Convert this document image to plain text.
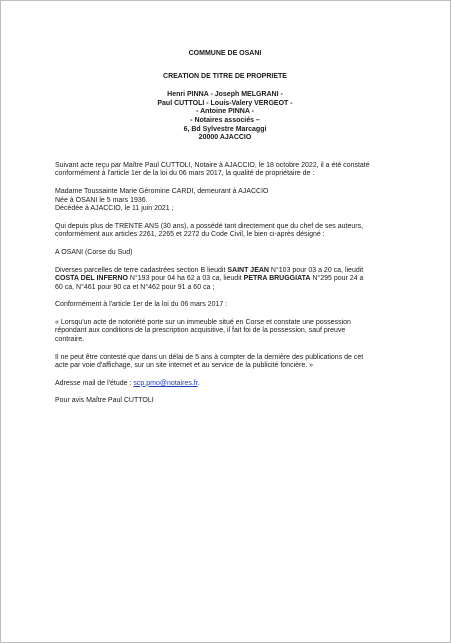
COMMUNE DE OSANI
CREATION DE TITRE DE PROPRIETE

Henri PINNA - Joseph MELGRANI -

Paul CUTTOLI - Louis-Valery VERGEOT -

- Antoine PINNA -

- Notaires associés –

6, Bd Sylvestre Marcaggi

20000 AJACCIO

Suivant acte reçu par Maître Paul CUTTOLI, Notaire à AJACCIO, le 18 octobre 2022, il a été constaté
conformément à l'article 1er de la loi du 06 mars 2017, la qualité de propriétaire de :
Madame Toussainte Marie Géromine CARDI, demeurant à AJACCIO
Née à OSANI le 5 mars 1936.
Décédée à AJACCIO, le 11 juin 2021 ;
Qui depuis plus de TRENTE ANS (30 ans), a possédé tant directement que du chef de ses auteurs,
conformément aux articles 2261, 2265 et 2272 du Code Civil, le bien ci-après désigné :
A OSANI (Corse du Sud)
Diverses parcelles de terre cadastrées section B lieudit SAINT JEAN N°103 pour 03 a 20 ca, lieudit
COSTA DEL INFERNO N°193 pour 04 ha 62 a 03 ca, lieudit PETRA BRUGGIATA N°295 pour 24 a
60 ca, N°461 pour 90 ca et N°462 pour 91 a 60 ca ;
Conformément à l'article 1er de la loi du 06 mars 2017 :
« Lorsqu'un acte de notoriété porte sur un immeuble situé en Corse et constate une possession
répondant aux conditions de la prescription acquisitive, il fait foi de la possession, sauf preuve
contraire.
Il ne peut être contesté que dans un délai de 5 ans à compter de la dernière des publications de cet
acte par voie d'affichage, sur un site internet et au service de la publicité foncière. »
Adresse mail de l'étude : scp.pmo@notaires.fr.
Pour avis Maître Paul CUTTOLI
